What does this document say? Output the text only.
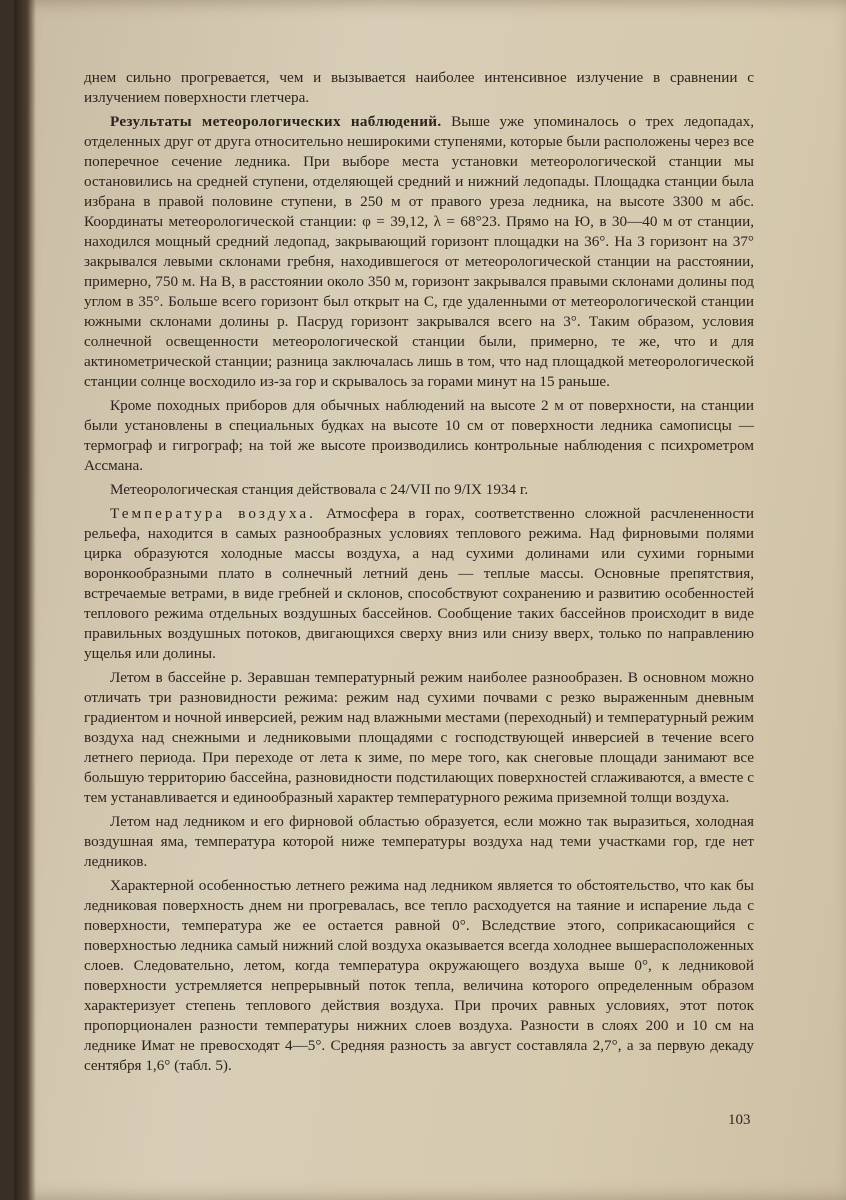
днем сильно прогревается, чем и вызывается наиболее интенсивное излучение в сравнении с излучением поверхности глетчера.

Результаты метеорологических наблюдений. Выше уже упоминалось о трех ледопадах, отделенных друг от друга относительно неширокими ступенями, которые были расположены через все поперечное сечение ледника. При выборе места установки метеорологической станции мы остановились на средней ступени, отделяющей средний и нижний ледопады. Площадка станции была избрана в правой половине ступени, в 250 м от правого уреза ледника, на высоте 3300 м абс. Координаты метеорологической станции: φ = 39,12, λ = 68°23. Прямо на Ю, в 30—40 м от станции, находился мощный средний ледопад, закрывающий горизонт площадки на 36°. На З горизонт на 37° закрывался левыми склонами гребня, находившегося от метеорологической станции на расстоянии, примерно, 750 м. На В, в расстоянии около 350 м, горизонт закрывался правыми склонами долины под углом в 35°. Больше всего горизонт был открыт на С, где удаленными от метеорологической станции южными склонами долины р. Пасруд горизонт закрывался всего на 3°. Таким образом, условия солнечной освещенности метеорологической станции были, примерно, те же, что и для актинометрической станции; разница заключалась лишь в том, что над площадкой метеорологической станции солнце восходило из-за гор и скрывалось за горами минут на 15 раньше.

Кроме походных приборов для обычных наблюдений на высоте 2 м от поверхности, на станции были установлены в специальных будках на высоте 10 см от поверхности ледника самописцы — термограф и гигрограф; на той же высоте производились контрольные наблюдения с психрометром Ассмана.

Метеорологическая станция действовала с 24/VII по 9/IX 1934 г.

Температура воздуха. Атмосфера в горах, соответственно сложной расчлененности рельефа, находится в самых разнообразных условиях теплового режима. Над фирновыми полями цирка образуются холодные массы воздуха, а над сухими долинами или сухими горными воронкообразными плато в солнечный летний день — теплые массы. Основные препятствия, встречаемые ветрами, в виде гребней и склонов, способствуют сохранению и развитию особенностей теплового режима отдельных воздушных бассейнов. Сообщение таких бассейнов происходит в виде правильных воздушных потоков, двигающихся сверху вниз или снизу вверх, только по направлению ущелья или долины.

Летом в бассейне р. Зеравшан температурный режим наиболее разнообразен. В основном можно отличать три разновидности режима: режим над сухими почвами с резко выраженным дневным градиентом и ночной инверсией, режим над влажными местами (переходный) и температурный режим воздуха над снежными и ледниковыми площадями с господствующей инверсией в течение всего летнего периода. При переходе от лета к зиме, по мере того, как снеговые площади занимают все большую территорию бассейна, разновидности подстилающих поверхностей сглаживаются, а вместе с тем устанавливается и единообразный характер температурного режима приземной толщи воздуха.

Летом над ледником и его фирновой областью образуется, если можно так выразиться, холодная воздушная яма, температура которой ниже температуры воздуха над теми участками гор, где нет ледников.

Характерной особенностью летнего режима над ледником является то обстоятельство, что как бы ледниковая поверхность днем ни прогревалась, все тепло расходуется на таяние и испарение льда с поверхности, температура же ее остается равной 0°. Вследствие этого, соприкасающийся с поверхностью ледника самый нижний слой воздуха оказывается всегда холоднее вышерасположенных слоев. Следовательно, летом, когда температура окружающего воздуха выше 0°, к ледниковой поверхности устремляется непрерывный поток тепла, величина которого определенным образом характеризует степень теплового действия воздуха. При прочих равных условиях, этот поток пропорционален разности температуры нижних слоев воздуха. Разности в слоях 200 и 10 см на леднике Имат не превосходят 4—5°. Средняя разность за август составляла 2,7°, а за первую декаду сентября 1,6° (табл. 5).

103
